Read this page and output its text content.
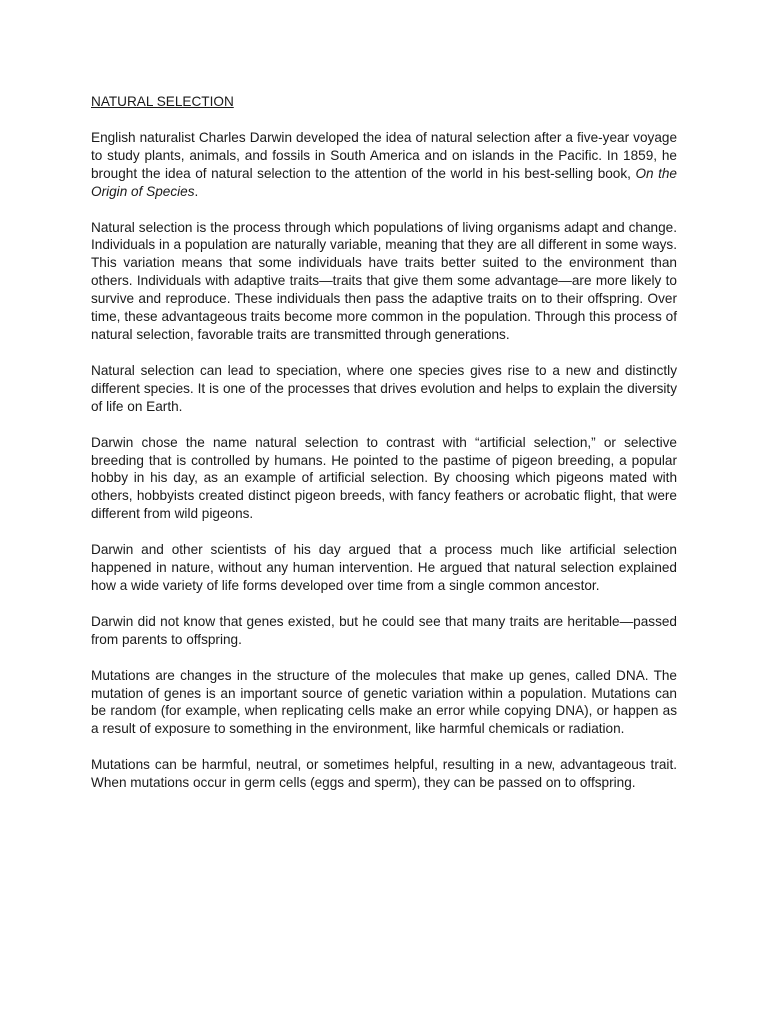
NATURAL SELECTION

English naturalist Charles Darwin developed the idea of natural selection after a five-year voyage to study plants, animals, and fossils in South America and on islands in the Pacific. In 1859, he brought the idea of natural selection to the attention of the world in his best-selling book, On the Origin of Species.

Natural selection is the process through which populations of living organisms adapt and change. Individuals in a population are naturally variable, meaning that they are all different in some ways. This variation means that some individuals have traits better suited to the environment than others. Individuals with adaptive traits—traits that give them some advantage—are more likely to survive and reproduce. These individuals then pass the adaptive traits on to their offspring. Over time, these advantageous traits become more common in the population. Through this process of natural selection, favorable traits are transmitted through generations.

Natural selection can lead to speciation, where one species gives rise to a new and distinctly different species. It is one of the processes that drives evolution and helps to explain the diversity of life on Earth.

Darwin chose the name natural selection to contrast with “artificial selection,” or selective breeding that is controlled by humans. He pointed to the pastime of pigeon breeding, a popular hobby in his day, as an example of artificial selection. By choosing which pigeons mated with others, hobbyists created distinct pigeon breeds, with fancy feathers or acrobatic flight, that were different from wild pigeons.

Darwin and other scientists of his day argued that a process much like artificial selection happened in nature, without any human intervention. He argued that natural selection explained how a wide variety of life forms developed over time from a single common ancestor.

Darwin did not know that genes existed, but he could see that many traits are heritable—passed from parents to offspring.

Mutations are changes in the structure of the molecules that make up genes, called DNA. The mutation of genes is an important source of genetic variation within a population. Mutations can be random (for example, when replicating cells make an error while copying DNA), or happen as a result of exposure to something in the environment, like harmful chemicals or radiation.

Mutations can be harmful, neutral, or sometimes helpful, resulting in a new, advantageous trait. When mutations occur in germ cells (eggs and sperm), they can be passed on to offspring.
